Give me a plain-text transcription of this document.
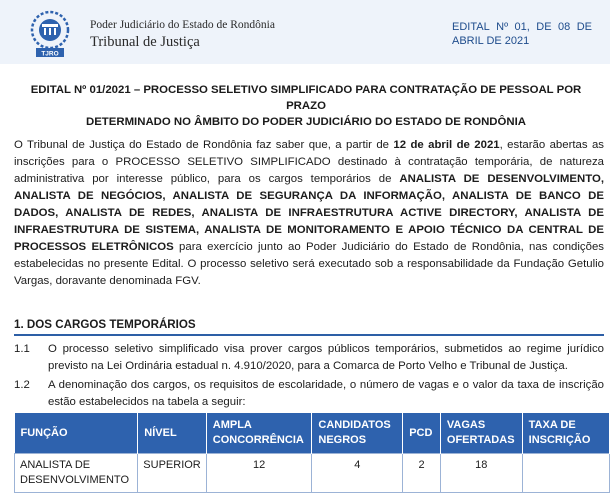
TJRO
Poder Judiciário do Estado de Rondônia
Tribunal de Justiça
EDITAL Nº 01, DE 08 DE
ABRIL DE 2021
EDITAL Nº 01/2021 – PROCESSO SELETIVO SIMPLIFICADO PARA CONTRATAÇÃO DE PESSOAL POR PRAZO
DETERMINADO NO ÂMBITO DO PODER JUDICIÁRIO DO ESTADO DE RONDÔNIA
O Tribunal de Justiça do Estado de Rondônia faz saber que, a partir de 12 de abril de 2021, estarão abertas as inscrições para o PROCESSO SELETIVO SIMPLIFICADO destinado à contratação temporária, de natureza administrativa por interesse público, para os cargos temporários de ANALISTA DE DESENVOLVIMENTO, ANALISTA DE NEGÓCIOS, ANALISTA DE SEGURANÇA DA INFORMAÇÃO, ANALISTA DE BANCO DE DADOS, ANALISTA DE REDES, ANALISTA DE INFRAESTRUTURA ACTIVE DIRECTORY, ANALISTA DE INFRAESTRUTURA DE SISTEMA, ANALISTA DE MONITORAMENTO E APOIO TÉCNICO DA CENTRAL DE PROCESSOS ELETRÔNICOS para exercício junto ao Poder Judiciário do Estado de Rondônia, nas condições estabelecidas no presente Edital. O processo seletivo será executado sob a responsabilidade da Fundação Getulio Vargas, doravante denominada FGV.
1. DOS CARGOS TEMPORÁRIOS
1.1 O processo seletivo simplificado visa prover cargos públicos temporários, submetidos ao regime jurídico previsto na Lei Ordinária estadual n. 4.910/2020, para a Comarca de Porto Velho e Tribunal de Justiça.
1.2 A denominação dos cargos, os requisitos de escolaridade, o número de vagas e o valor da taxa de inscrição estão estabelecidos na tabela a seguir:
FUNÇÃO	NÍVEL	AMPLA CONCORRÊNCIA	CANDIDATOS NEGROS	PCD	VAGAS OFERTADAS	TAXA DE INSCRIÇÃO
ANALISTA DE DESENVOLVIMENTO	SUPERIOR	12	4	2	18	
